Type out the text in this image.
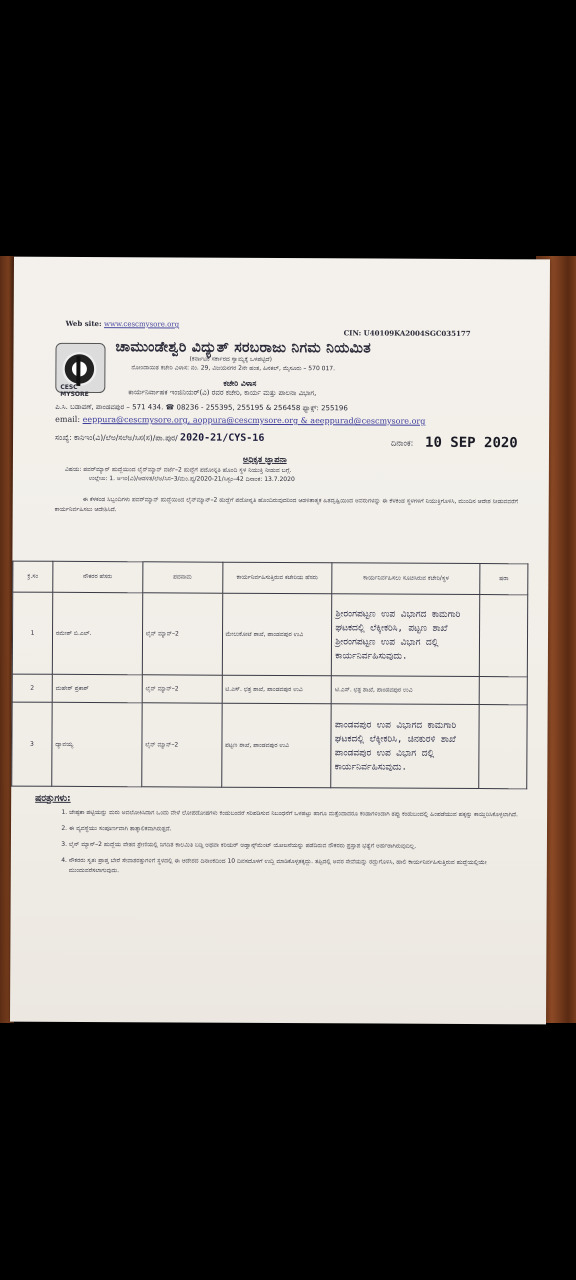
Web site: www.cescmysore.org
CIN: U40109KA2004SGC035177
CESC MYSORE
ಚಾಮುಂಡೇಶ್ವರಿ ವಿದ್ಯುತ್ ಸರಬರಾಜು ನಿಗಮ ನಿಯಮಿತ
(ಕರ್ನಾಟಕ ಸರ್ಕಾರದ ಸ್ವಾಮ್ಯಕ್ಕೆ ಒಳಪಟ್ಟಿದೆ)
ನೋಂದಾಯಿತ ಕಚೇರಿ ವಿಳಾಸ: ನಂ. 29, ವಿಜಯನಗರ 2ನೇ ಹಂತ, ಹಿನಕಲ್, ಮೈಸೂರು – 570 017.
ಕಚೇರಿ ವಿಳಾಸ
ಕಾರ್ಯನಿರ್ವಾಹಕ ಇಂಜಿನಿಯರ್(ವಿ) ರವರ ಕಚೇರಿ, ಕಾರ್ಯ ಮತ್ತು ಪಾಲನಾ ವಿಭಾಗ,
ಪಿ.ಸಿ. ಬಡಾವಣೆ, ಪಾಂಡವಪುರ – 571 434. ☎ 08236 - 255395, 255195 & 256458 ಫ್ಯಾಕ್ಸ್: 255196
email: eeppura@cescmysore.org, aoppura@cescmysore.org & aeeppurad@cescmysore.org
ಸಂಖ್ಯೆ: ಕಾನಿಇಂ(ವಿ)/ಲೆಅ/ಸಲೆಅ/ಸಿಸ(ಸ)/ಪಾ.ಪುರ/ 2020-21/CYS-16	ದಿನಾಂಕ: 10 SEP 2020
ಅಧಿಕೃತ ಜ್ಞಾಪನಾ
ವಿಷಯ: ಪವರ್‌ಮ್ಯಾನ್ ಹುದ್ದೆಯಿಂದ ಲೈನ್‌ಮ್ಯಾನ್ ದರ್ಜೆ–2 ಹುದ್ದೆಗೆ ಪದೋನ್ನತಿ ಹೊಂದಿ ಸ್ಥಳ ನಿಯುಕ್ತಿ ನೀಡುವ ಬಗ್ಗೆ.
ಉಲ್ಲೇಖ: 1. ಅಇಂ(ವಿ)/ಆಡಳಿತ/ಲೆಅ/ಸಿಸ–3/ಮಂ.ಪ್ಯ/2020-21/ಸಿಸ್ಟಂ–42 ದಿನಾಂಕ: 13.7.2020
ಈ ಕೆಳಕಂಡ ಸಿಬ್ಬಂದಿಗಳು ಪವರ್‌ಮ್ಯಾನ್ ಹುದ್ದೆಯಿಂದ ಲೈನ್‌ಮ್ಯಾನ್–2 ಹುದ್ದೆಗೆ ಪದೋನ್ನತಿ ಹೊಂದಿರುವುದರಿಂದ ಆಡಳಿತಾತ್ಮಕ ಹಿತದೃಷ್ಟಿಯಿಂದ ಅವರುಗಳನ್ನು ಈ ಕೆಳಕಂಡ ಸ್ಥಳಗಳಿಗೆ ನಿಯುಕ್ತಿಗೊಳಿಸಿ, ಮುಂದಿನ ಆದೇಶ ನೀಡುವವರೆಗೆ ಕಾರ್ಯನಿರ್ವಹಿಸಲು ಆದೇಶಿಸಿದೆ.
ಕ್ರ.ಸಂ	ನೌಕರರ ಹೆಸರು	ಪದನಾಮ	ಕಾರ್ಯನಿರ್ವಹಿಸುತ್ತಿರುವ ಕಚೇರಿಯ ಹೆಸರು	ಕಾರ್ಯನಿರ್ವಹಿಸಲು ಸೂಚಿಸಿರುವ ಕಚೇರಿ/ಸ್ಥಳ	ಷರಾ
1	ರಮೇಶ್ ಬಿ.ಎಲ್.	ಲೈನ್ ಮ್ಯಾನ್–2	ಮೇಲುಕೋಟೆ ಶಾಖೆ, ಪಾಂಡವಪುರ ಉವಿ	ಶ್ರೀರಂಗಪಟ್ಟಣ ಉಪ ವಿಭಾಗದ ಕಾಮಗಾರಿ ಘಟಕದಲ್ಲಿ ಲೆಕ್ಕೀಕರಿಸಿ, ಪಟ್ಟಣ ಶಾಖೆ ಶ್ರೀರಂಗಪಟ್ಟಣ ಉಪ ವಿಭಾಗ ದಲ್ಲಿ ಕಾರ್ಯನಿರ್ವಹಿಸುವುದು.	
2	ಮಹೇಶ್ ಪ್ರಕಾಶ್	ಲೈನ್ ಮ್ಯಾನ್–2	ಟಿ.ಎಸ್. ಛತ್ರ ಶಾಖೆ, ಪಾಂಡವಪುರ ಉವಿ	ಟಿ.ಎಸ್. ಛತ್ರ ಶಾಖೆ, ಪಾಂಡವಪುರ ಉವಿ	
3	ದ್ಯಾವಯ್ಯ	ಲೈನ್ ಮ್ಯಾನ್–2	ಪಟ್ಟಣ ಶಾಖೆ, ಪಾಂಡವಪುರ ಉವಿ	ಪಾಂಡವಪುರ ಉಪ ವಿಭಾಗದ ಕಾಮಗಾರಿ ಘಟಕದಲ್ಲಿ ಲೆಕ್ಕೀಕರಿಸಿ, ಚಿನಕುರಳಿ ಶಾಖೆ ಪಾಂಡವಪುರ ಉಪ ವಿಭಾಗ ದಲ್ಲಿ ಕಾರ್ಯನಿರ್ವಹಿಸುವುದು.	
ಷರತ್ತುಗಳು:
1. ಜೇಷ್ಠತಾ ಪಟ್ಟಿಯನ್ನು ಮರು ಅವಲೋಕಿಸಿದಾಗ ಒಂದು ವೇಳೆ ಲೋಪದೋಷಗಳು ಕಂಡುಬಂದರೆ ಸರಿಪಡಿಸುವ ನಿಬಂಧನೆಗೆ ಒಳಪಟ್ಟು ಹಾಗೂ ಮತ್ತೆಂದಾದರೂ ಕಂಡಾಗಳಿಂದಾಗಿ ತಪ್ಪು ಕಂಡುಬಂದಲ್ಲಿ ಹಿಂಪಡೆಯುವ ಹಕ್ಕನ್ನು ಕಾಯ್ದಿರಿಸಿಕೊಳ್ಳಲಾಗಿದೆ.
2. ಈ ವ್ಯವಸ್ಥೆಯು ಸಂಪೂರ್ಣವಾಗಿ ತಾತ್ಕಾಲಿಕವಾಗಿರುತ್ತದೆ.
3. ಲೈನ್ ಮ್ಯಾನ್–2 ಹುದ್ದೆಯ ವೇತನ ಶ್ರೇಣಿಯಲ್ಲಿ ನಿಗದಿತ ಕಾಲಮಿತಿ ಬಡ್ತಿ ಅಥವಾ ಕರಿಯರ್ ಅಡ್ವಾನ್ಸ್‌ಮೆಂಟ್ ಯೋಜನೆಯನ್ನು ಪಡೆದಿರುವ ನೌಕರರು ಪ್ರಸ್ತಾಪ ಭತ್ಯೆಗೆ ಅರ್ಹರಾಗಿರುವುದಿಲ್ಲ.
4. ನೌಕರರು ಸ್ವತಃ ಪ್ರಾಪ್ತ ಬೇರೆ ಸೇವಾಶರತ್ತುಗಳಿಗೆ ಸ್ಥಳದಲ್ಲಿ ಈ ಆದೇಶದ ದಿನಾಂಕದಿಂದ 10 ದಿವಸದೊಳಗೆ ಉದ್ದಿ ಮಾಡಿಕೊಳ್ಳತಕ್ಕದ್ದು. ತಪ್ಪಿದಲ್ಲಿ ಅವರ ಸೇವೆಯನ್ನು ರದ್ದುಗೊಳಿಸಿ, ಹಾಲಿ ಕಾರ್ಯನಿರ್ವಹಿಸುತ್ತಿರುವ ಹುದ್ದೆಯಲ್ಲಿಯೇ ಮುಂದುವರೆಸಲಾಗುವುದು.
